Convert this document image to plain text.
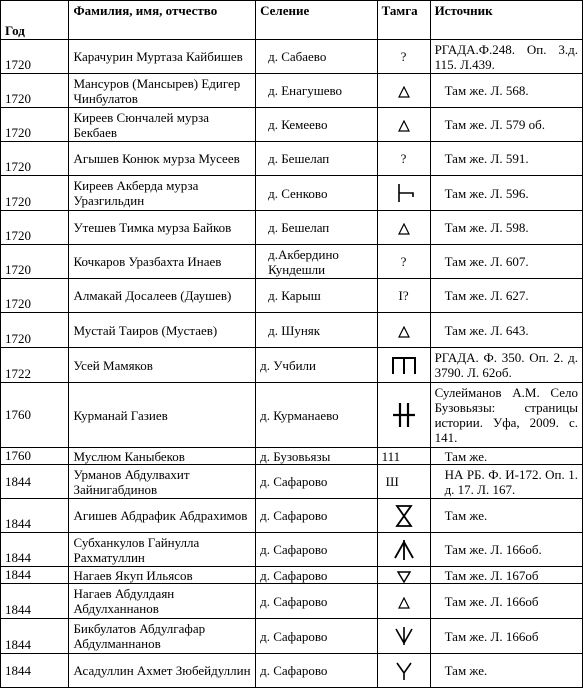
Год	Фамилия, имя, отчество	Селение	Тамга	Источник
1720	Карачурин Муртаза Кайбишев	д. Сабаево	?	РГАДА.Ф.248. Оп. 3.д. 115. Л.439.
1720	Мансуров (Мансырев) Едигер Чинбулатов	д. Енагушево		Там же. Л. 568.
1720	Киреев Сюнчалей мурза Бекбаев	д. Кемеево		Там же. Л. 579 об.
1720	Агышев Конюк мурза Мусеев	д. Бешелап	?	Там же. Л. 591.
1720	Киреев Акберда мурза Уразгильдин	д. Сенково		Там же. Л. 596.
1720	Утешев Тимка мурза Байков	д. Бешелап		Там же. Л. 598.
1720	Кочкаров Уразбахта Инаев	д.Акбердино Кундешли	?	Там же. Л. 607.
1720	Алмакай Досалеев (Даушев)	д. Карыш	I?	Там же. Л. 627.
1720	Мустай Таиров (Мустаев)	д. Шуняк		Там же. Л. 643.
1722	Усей Мамяков	д. Учбили		РГАДА. Ф. 350. Оп. 2. д. 3790. Л. 62об.
1760	Курманай Газиев	д. Курманаево		Сулейманов А.М. Село Бузовьязы: страницы истории. Уфа, 2009. с. 141.
1760	Муслюм Каныбеков	д. Бузовьязы	111	Там же.
1844	Урманов Абдулвахит Зайнигабдинов	д. Сафарово	Ш	НА РБ. Ф. И-172. Оп. 1. д. 17. Л. 167.
1844	Агишев Абдрафик Абдрахимов	д. Сафарово		Там же.
1844	Субханкулов Гайнулла Рахматуллин	д. Сафарово		Там же. Л. 166об.
1844	Нагаев Якуп Ильясов	д. Сафарово		Там же. Л. 167об
1844	Нагаев Абдулдаян Абдулханнанов	д. Сафарово		Там же. Л. 166об
1844	Бикбулатов Абдулгафар Абдулманнанов	д. Сафарово		Там же. Л. 166об
1844	Асадуллин Ахмет Зюбейдуллин	д. Сафарово		Там же.
